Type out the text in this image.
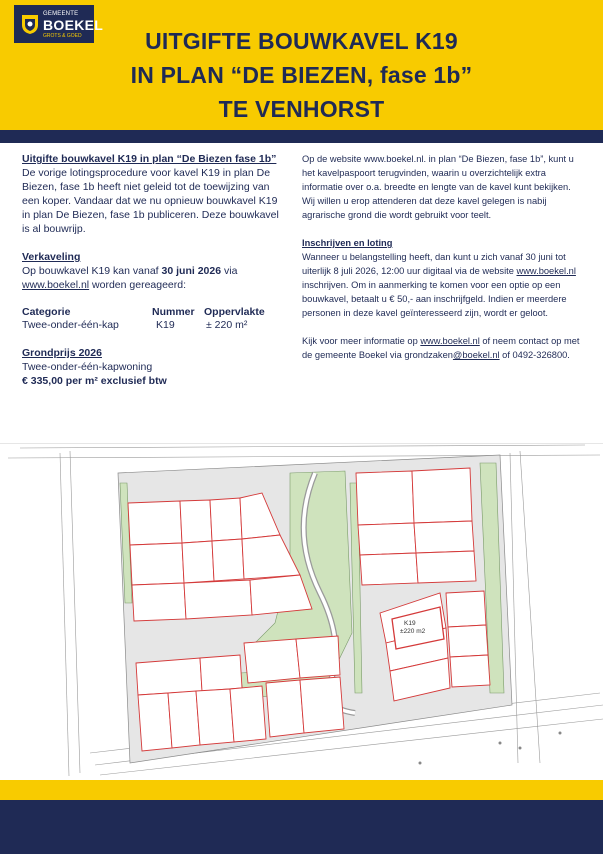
GEMEENTE
BOEKEL
GROTS & GOED	UITGIFTE BOUWKAVEL K19
IN PLAN “DE BIEZEN, fase 1b”
TE VENHORST

Uitgifte bouwkavel K19 in plan “De Biezen fase 1b”

De vorige lotingsprocedure voor kavel K19 in plan De Biezen, fase 1b heeft niet geleid tot de toewijzing van een koper. Vandaar dat we nu opnieuw bouwkavel K19 in plan De Biezen, fase 1b publiceren. Deze bouwkavel is al bouwrijp.

Verkaveling

Op bouwkavel K19 kan vanaf 30 juni 2026 via
www.boekel.nl worden gereageerd:

Categorie	Nummer	Oppervlakte
Twee-onder-één-kap	K19	± 220 m²

Grondprijs 2026

Twee-onder-één-kapwoning

€ 335,00 per m² exclusief btw

Op de website www.boekel.nl. in plan “De Biezen, fase 1b”, kunt u het kavelpaspoort terugvinden, waarin u overzichtelijk extra informatie over o.a. breedte en lengte van de kavel kunt bekijken. Wij willen u erop attenderen dat deze kavel gelegen is nabij agrarische grond die wordt gebruikt voor teelt.

Inschrijven en loting

Wanneer u belangstelling heeft, dan kunt u zich vanaf 30 juni tot uiterlijk 8 juli 2026, 12:00 uur digitaal via de website www.boekel.nl inschrijven. Om in aanmerking te komen voor een optie op een bouwkavel, betaalt u € 50,- aan inschrijfgeld. Indien er meerdere personen in deze kavel geïnteresseerd zijn, wordt er geloot.

Kijk voor meer informatie op www.boekel.nl of neem contact op met de gemeente Boekel via grondzaken@boekel.nl of 0492-326800.

K19
±220 m2
